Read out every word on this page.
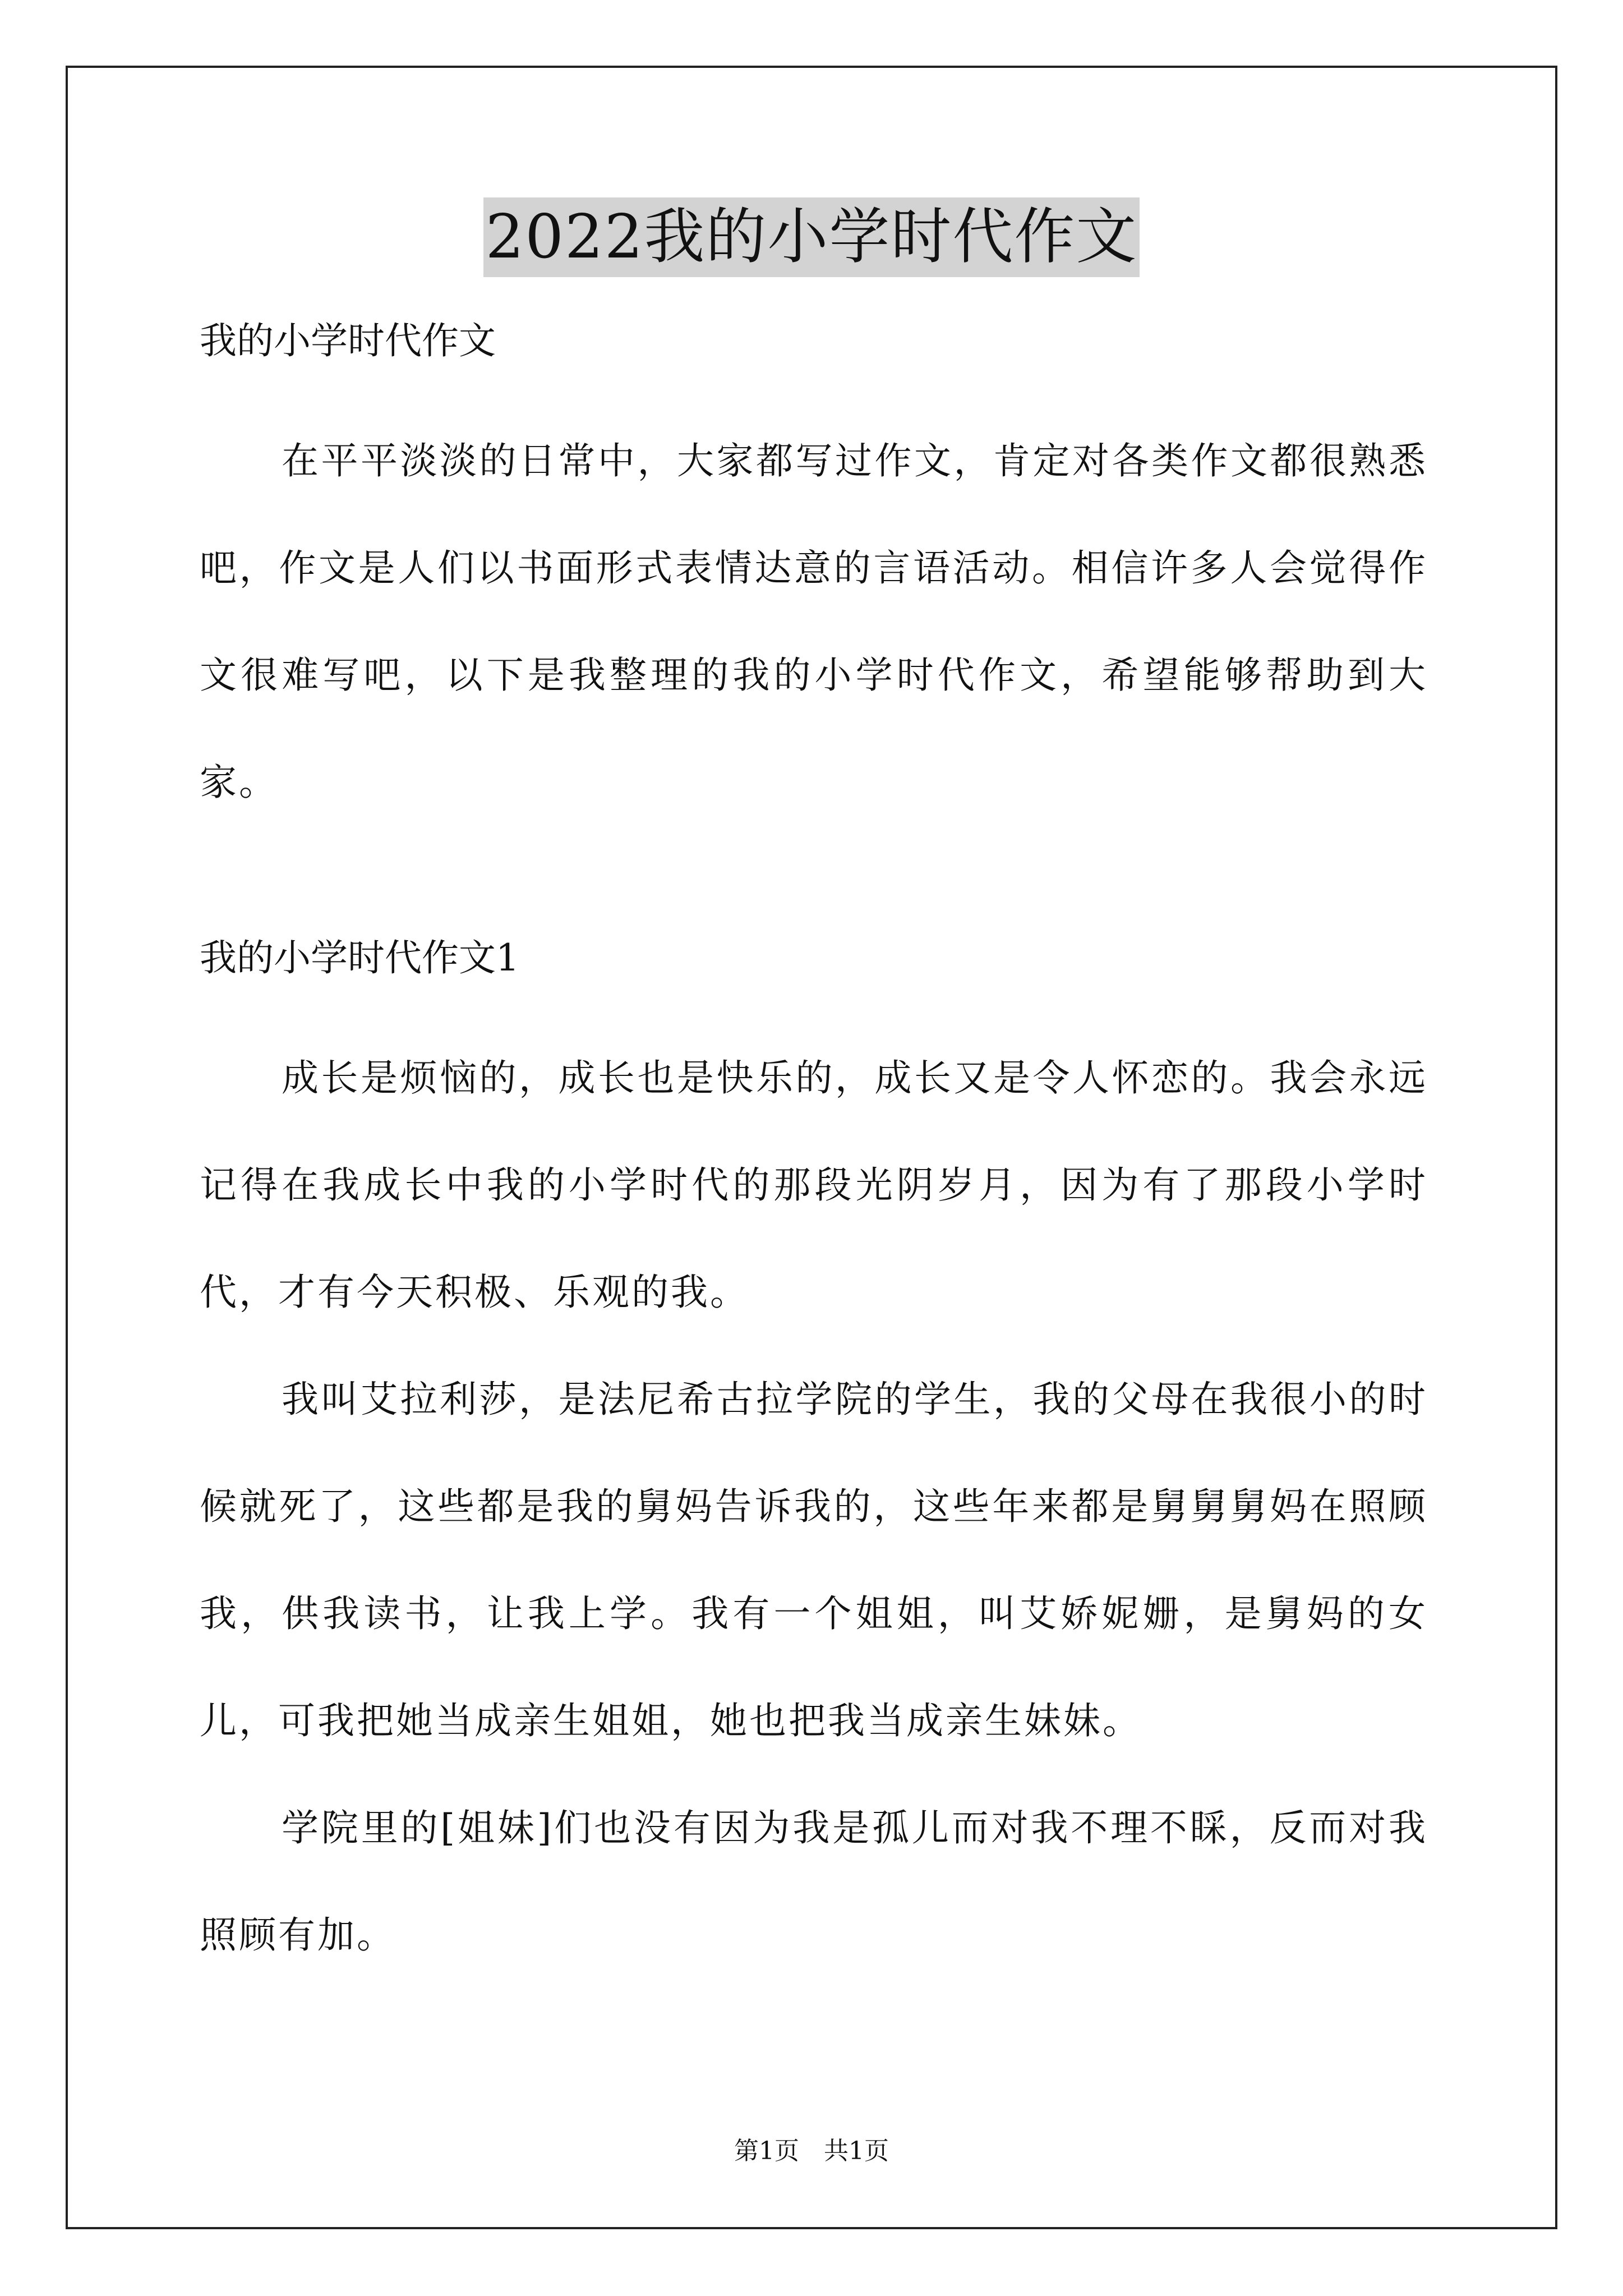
2022我的小学时代作文

我的小学时代作文

在平平淡淡的日常中，大家都写过作文，肯定对各类作文都很熟悉吧，作文是人们以书面形式表情达意的言语活动。相信许多人会觉得作文很难写吧，以下是我整理的我的小学时代作文，希望能够帮助到大家。

我的小学时代作文1

成长是烦恼的，成长也是快乐的，成长又是令人怀恋的。我会永远记得在我成长中我的小学时代的那段光阴岁月，因为有了那段小学时代，才有今天积极、乐观的我。

我叫艾拉利莎，是法尼希古拉学院的学生，我的父母在我很小的时候就死了，这些都是我的舅妈告诉我的，这些年来都是舅舅舅妈在照顾我，供我读书，让我上学。我有一个姐姐，叫艾娇妮姗，是舅妈的女儿，可我把她当成亲生姐姐，她也把我当成亲生妹妹。

学院里的[姐妹]们也没有因为我是孤儿而对我不理不睬，反而对我照顾有加。

第1页　共1页
